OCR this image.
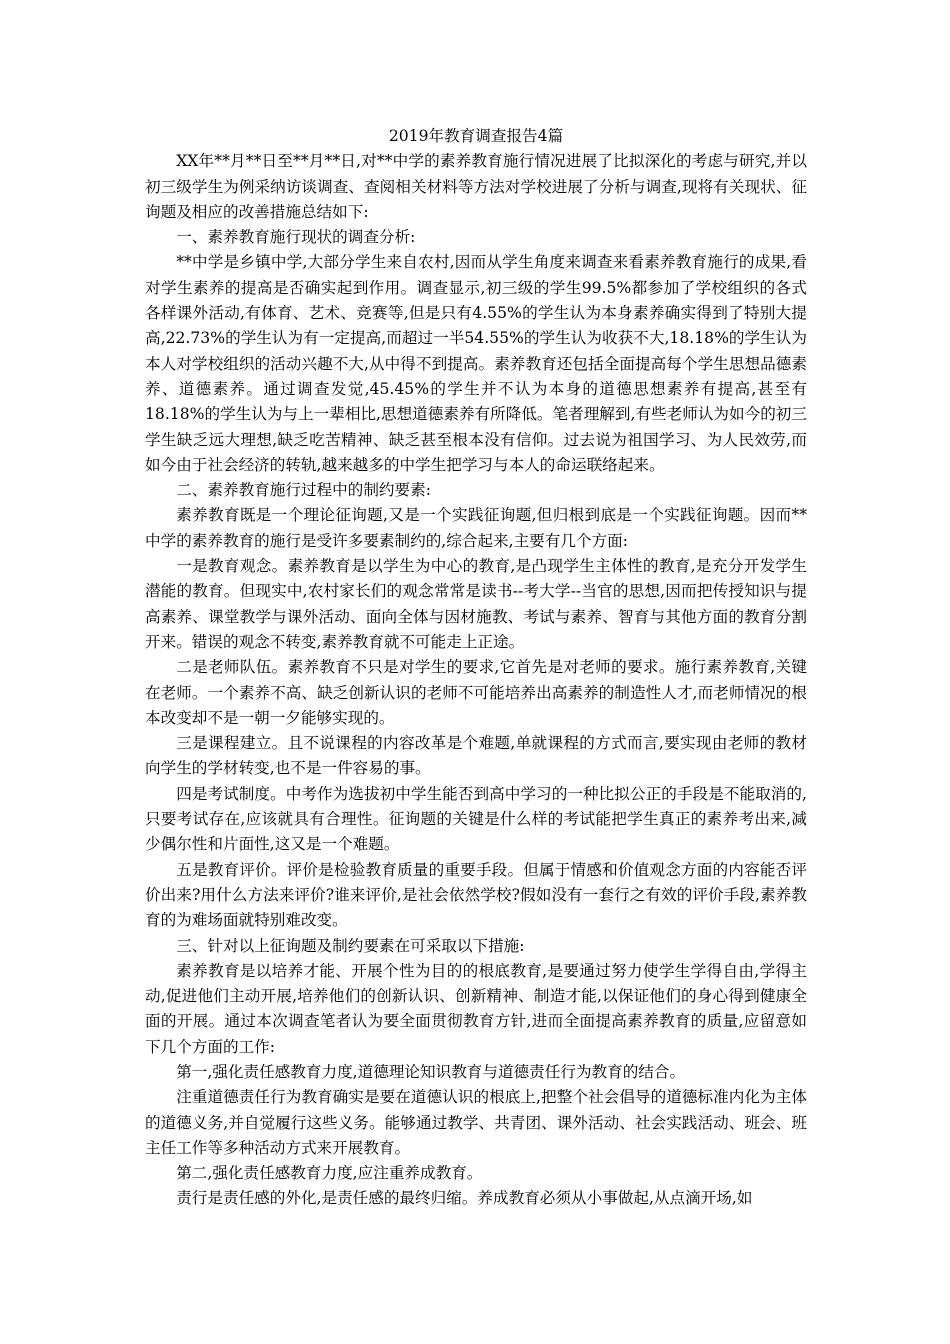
2019年教育调查报告4篇

XX年**月**日至**月**日,对**中学的素养教育施行情况进展了比拟深化的考虑与研究,并以初三级学生为例采纳访谈调查、查阅相关材料等方法对学校进展了分析与调查,现将有关现状、征询题及相应的改善措施总结如下:

一、素养教育施行现状的调查分析:

**中学是乡镇中学,大部分学生来自农村,因而从学生角度来调查来看素养教育施行的成果,看对学生素养的提高是否确实起到作用。调查显示,初三级的学生99.5%都参加了学校组织的各式各样课外活动,有体育、艺术、竞赛等,但是只有4.55%的学生认为本身素养确实得到了特别大提高,22.73%的学生认为有一定提高,而超过一半54.55%的学生认为收获不大,18.18%的学生认为本人对学校组织的活动兴趣不大,从中得不到提高。素养教育还包括全面提高每个学生思想品德素养、道德素养。通过调查发觉,45.45%的学生并不认为本身的道德思想素养有提高,甚至有18.18%的学生认为与上一辈相比,思想道德素养有所降低。笔者理解到,有些老师认为如今的初三学生缺乏远大理想,缺乏吃苦精神、缺乏甚至根本没有信仰。过去说为祖国学习、为人民效劳,而如今由于社会经济的转轨,越来越多的中学生把学习与本人的命运联络起来。

二、素养教育施行过程中的制约要素:

素养教育既是一个理论征询题,又是一个实践征询题,但归根到底是一个实践征询题。因而**中学的素养教育的施行是受许多要素制约的,综合起来,主要有几个方面:

一是教育观念。素养教育是以学生为中心的教育,是凸现学生主体性的教育,是充分开发学生潜能的教育。但现实中,农村家长们的观念常常是读书--考大学--当官的思想,因而把传授知识与提高素养、课堂教学与课外活动、面向全体与因材施教、考试与素养、智育与其他方面的教育分割开来。错误的观念不转变,素养教育就不可能走上正途。

二是老师队伍。素养教育不只是对学生的要求,它首先是对老师的要求。施行素养教育,关键在老师。一个素养不高、缺乏创新认识的老师不可能培养出高素养的制造性人才,而老师情况的根本改变却不是一朝一夕能够实现的。

三是课程建立。且不说课程的内容改革是个难题,单就课程的方式而言,要实现由老师的教材向学生的学材转变,也不是一件容易的事。

四是考试制度。中考作为选拔初中学生能否到高中学习的一种比拟公正的手段是不能取消的,只要考试存在,应该就具有合理性。征询题的关键是什么样的考试能把学生真正的素养考出来,减少偶尔性和片面性,这又是一个难题。

五是教育评价。评价是检验教育质量的重要手段。但属于情感和价值观念方面的内容能否评价出来?用什么方法来评价?谁来评价,是社会依然学校?假如没有一套行之有效的评价手段,素养教育的为难场面就特别难改变。

三、针对以上征询题及制约要素在可采取以下措施:

素养教育是以培养才能、开展个性为目的的根底教育,是要通过努力使学生学得自由,学得主动,促进他们主动开展,培养他们的创新认识、创新精神、制造才能,以保证他们的身心得到健康全面的开展。通过本次调查笔者认为要全面贯彻教育方针,进而全面提高素养教育的质量,应留意如下几个方面的工作:

第一,强化责任感教育力度,道德理论知识教育与道德责任行为教育的结合。

注重道德责任行为教育确实是要在道德认识的根底上,把整个社会倡导的道德标准内化为主体的道德义务,并自觉履行这些义务。能够通过教学、共青团、课外活动、社会实践活动、班会、班主任工作等多种活动方式来开展教育。

第二,强化责任感教育力度,应注重养成教育。

责行是责任感的外化,是责任感的最终归缩。养成教育必须从小事做起,从点滴开场,如
